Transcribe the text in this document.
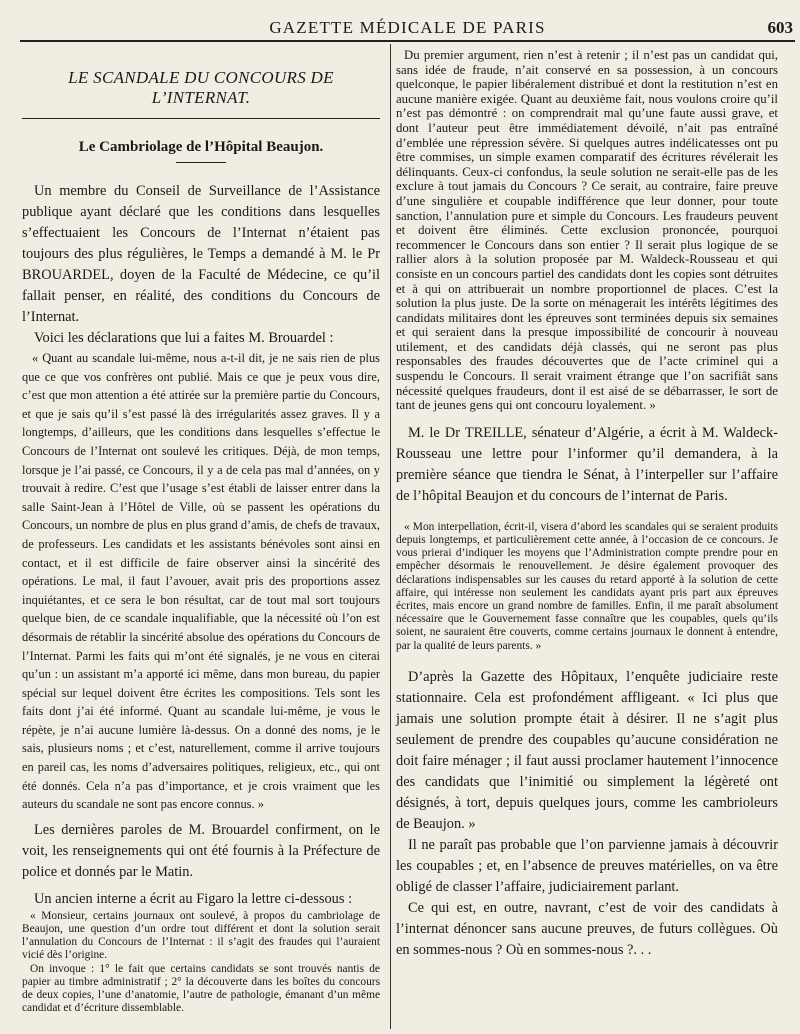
GAZETTE MÉDICALE DE PARIS	603
LE SCANDALE DU CONCOURS DE L’INTERNAT.
Le Cambriolage de l’Hôpital Beaujon.

Un membre du Conseil de Surveillance de l’Assistance publique ayant déclaré que les conditions dans lesquelles s’effectuaient les Concours de l’Internat n’étaient pas toujours des plus régulières, le Temps a demandé à M. le Pr BROUARDEL, doyen de la Faculté de Médecine, ce qu’il fallait penser, en réalité, des conditions du Concours de l’Internat.

Voici les déclarations que lui a faites M. Brouardel :

« Quant au scandale lui-même, nous a-t-il dit, je ne sais rien de plus que ce que vos confrères ont publié. Mais ce que je peux vous dire, c’est que mon attention a été attirée sur la première partie du Concours, et que je sais qu’il s’est passé là des irrégularités assez graves. Il y a longtemps, d’ailleurs, que les conditions dans lesquelles s’effectue le Concours de l’Internat ont soulevé les critiques. Déjà, de mon temps, lorsque je l’ai passé, ce Concours, il y a de cela pas mal d’années, on y trouvait à redire. C’est que l’usage s’est établi de laisser entrer dans la salle Saint-Jean à l’Hôtel de Ville, où se passent les opérations du Concours, un nombre de plus en plus grand d’amis, de chefs de travaux, de professeurs. Les candidats et les assistants bénévoles sont ainsi en contact, et il est difficile de faire observer ainsi la sincérité des opérations. Le mal, il faut l’avouer, avait pris des proportions assez inquiétantes, et ce sera le bon résultat, car de tout mal sort toujours quelque bien, de ce scandale inqualifiable, que la nécessité où l’on est désormais de rétablir la sincérité absolue des opérations du Concours de l’Internat. Parmi les faits qui m’ont été signalés, je ne vous en citerai qu’un : un assistant m’a apporté ici même, dans mon bureau, du papier spécial sur lequel doivent être écrites les compositions. Tels sont les faits dont j’ai été informé. Quant au scandale lui-même, je vous le répète, je n’ai aucune lumière là-dessus. On a donné des noms, je le sais, plusieurs noms ; et c’est, naturellement, comme il arrive toujours en pareil cas, les noms d’adversaires politiques, religieux, etc., qui ont été donnés. Cela n’a pas d’importance, et je crois vraiment que les auteurs du scandale ne sont pas encore connus. »

Les dernières paroles de M. Brouardel confirment, on le voit, les renseignements qui ont été fournis à la Préfecture de police et donnés par le Matin.

Un ancien interne a écrit au Figaro la lettre ci-dessous :

« Monsieur, certains journaux ont soulevé, à propos du cambriolage de Beaujon, une question d’un ordre tout différent et dont la solution serait l’annulation du Concours de l’Internat : il s’agit des fraudes qui l’auraient vicié dès l’origine.

On invoque : 1° le fait que certains candidats se sont trouvés nantis de papier au timbre administratif ; 2° la découverte dans les boîtes du concours de deux copies, l’une d’anatomie, l’autre de pathologie, émanant d’un même candidat et d’écriture dissemblable.

Du premier argument, rien n’est à retenir ; il n’est pas un candidat qui, sans idée de fraude, n’ait conservé en sa possession, à un concours quelconque, le papier libéralement distribué et dont la restitution n’est en aucune manière exigée. Quant au deuxième fait, nous voulons croire qu’il n’est pas démontré : on comprendrait mal qu’une faute aussi grave, et dont l’auteur peut être immédiatement dévoilé, n’ait pas entraîné d’emblée une répression sévère. Si quelques autres indélicatesses ont pu être commises, un simple examen comparatif des écritures révélerait les délinquants. Ceux-ci confondus, la seule solution ne serait-elle pas de les exclure à tout jamais du Concours ? Ce serait, au contraire, faire preuve d’une singulière et coupable indifférence que leur donner, pour toute sanction, l’annulation pure et simple du Concours. Les fraudeurs peuvent et doivent être éliminés. Cette exclusion prononcée, pourquoi recommencer le Concours dans son entier ? Il serait plus logique de se rallier alors à la solution proposée par M. Waldeck-Rousseau et qui consiste en un concours partiel des candidats dont les copies sont détruites et à qui on attribuerait un nombre proportionnel de places. C’est la solution la plus juste. De la sorte on ménagerait les intérêts légitimes des candidats militaires dont les épreuves sont terminées depuis six semaines et qui seraient dans la presque impossibilité de concourir à nouveau utilement, et des candidats déjà classés, qui ne seront pas plus responsables des fraudes découvertes que de l’acte criminel qui a suspendu le Concours. Il serait vraiment étrange que l’on sacrifiât sans nécessité quelques fraudeurs, dont il est aisé de se débarrasser, le sort de tant de jeunes gens qui ont concouru loyalement. »

M. le Dr TREILLE, sénateur d’Algérie, a écrit à M. Waldeck-Rousseau une lettre pour l’informer qu’il demandera, à la première séance que tiendra le Sénat, à l’interpeller sur l’affaire de l’hôpital Beaujon et du concours de l’internat de Paris.

« Mon interpellation, écrit-il, visera d’abord les scandales qui se seraient produits depuis longtemps, et particulièrement cette année, à l’occasion de ce concours. Je vous prierai d’indiquer les moyens que l’Administration compte prendre pour en empêcher désormais le renouvellement. Je désire également provoquer des déclarations indispensables sur les causes du retard apporté à la solution de cette affaire, qui intéresse non seulement les candidats ayant pris part aux épreuves écrites, mais encore un grand nombre de familles. Enfin, il me paraît absolument nécessaire que le Gouvernement fasse connaître que les coupables, quels qu’ils soient, ne sauraient être couverts, comme certains journaux le donnent à entendre, par la qualité de leurs parents. »

D’après la Gazette des Hôpitaux, l’enquête judiciaire reste stationnaire. Cela est profondément affligeant. « Ici plus que jamais une solution prompte était à désirer. Il ne s’agit plus seulement de prendre des coupables qu’aucune considération ne doit faire ménager ; il faut aussi proclamer hautement l’innocence des candidats que l’inimitié ou simplement la légèreté ont désignés, à tort, depuis quelques jours, comme les cambrioleurs de Beaujon. »

Il ne paraît pas probable que l’on parvienne jamais à découvrir les coupables ; et, en l’absence de preuves matérielles, on va être obligé de classer l’affaire, judiciairement parlant.

Ce qui est, en outre, navrant, c’est de voir des candidats à l’internat dénoncer sans aucune preuves, de futurs collègues. Où en sommes-nous ? Où en sommes-nous ?. . .
